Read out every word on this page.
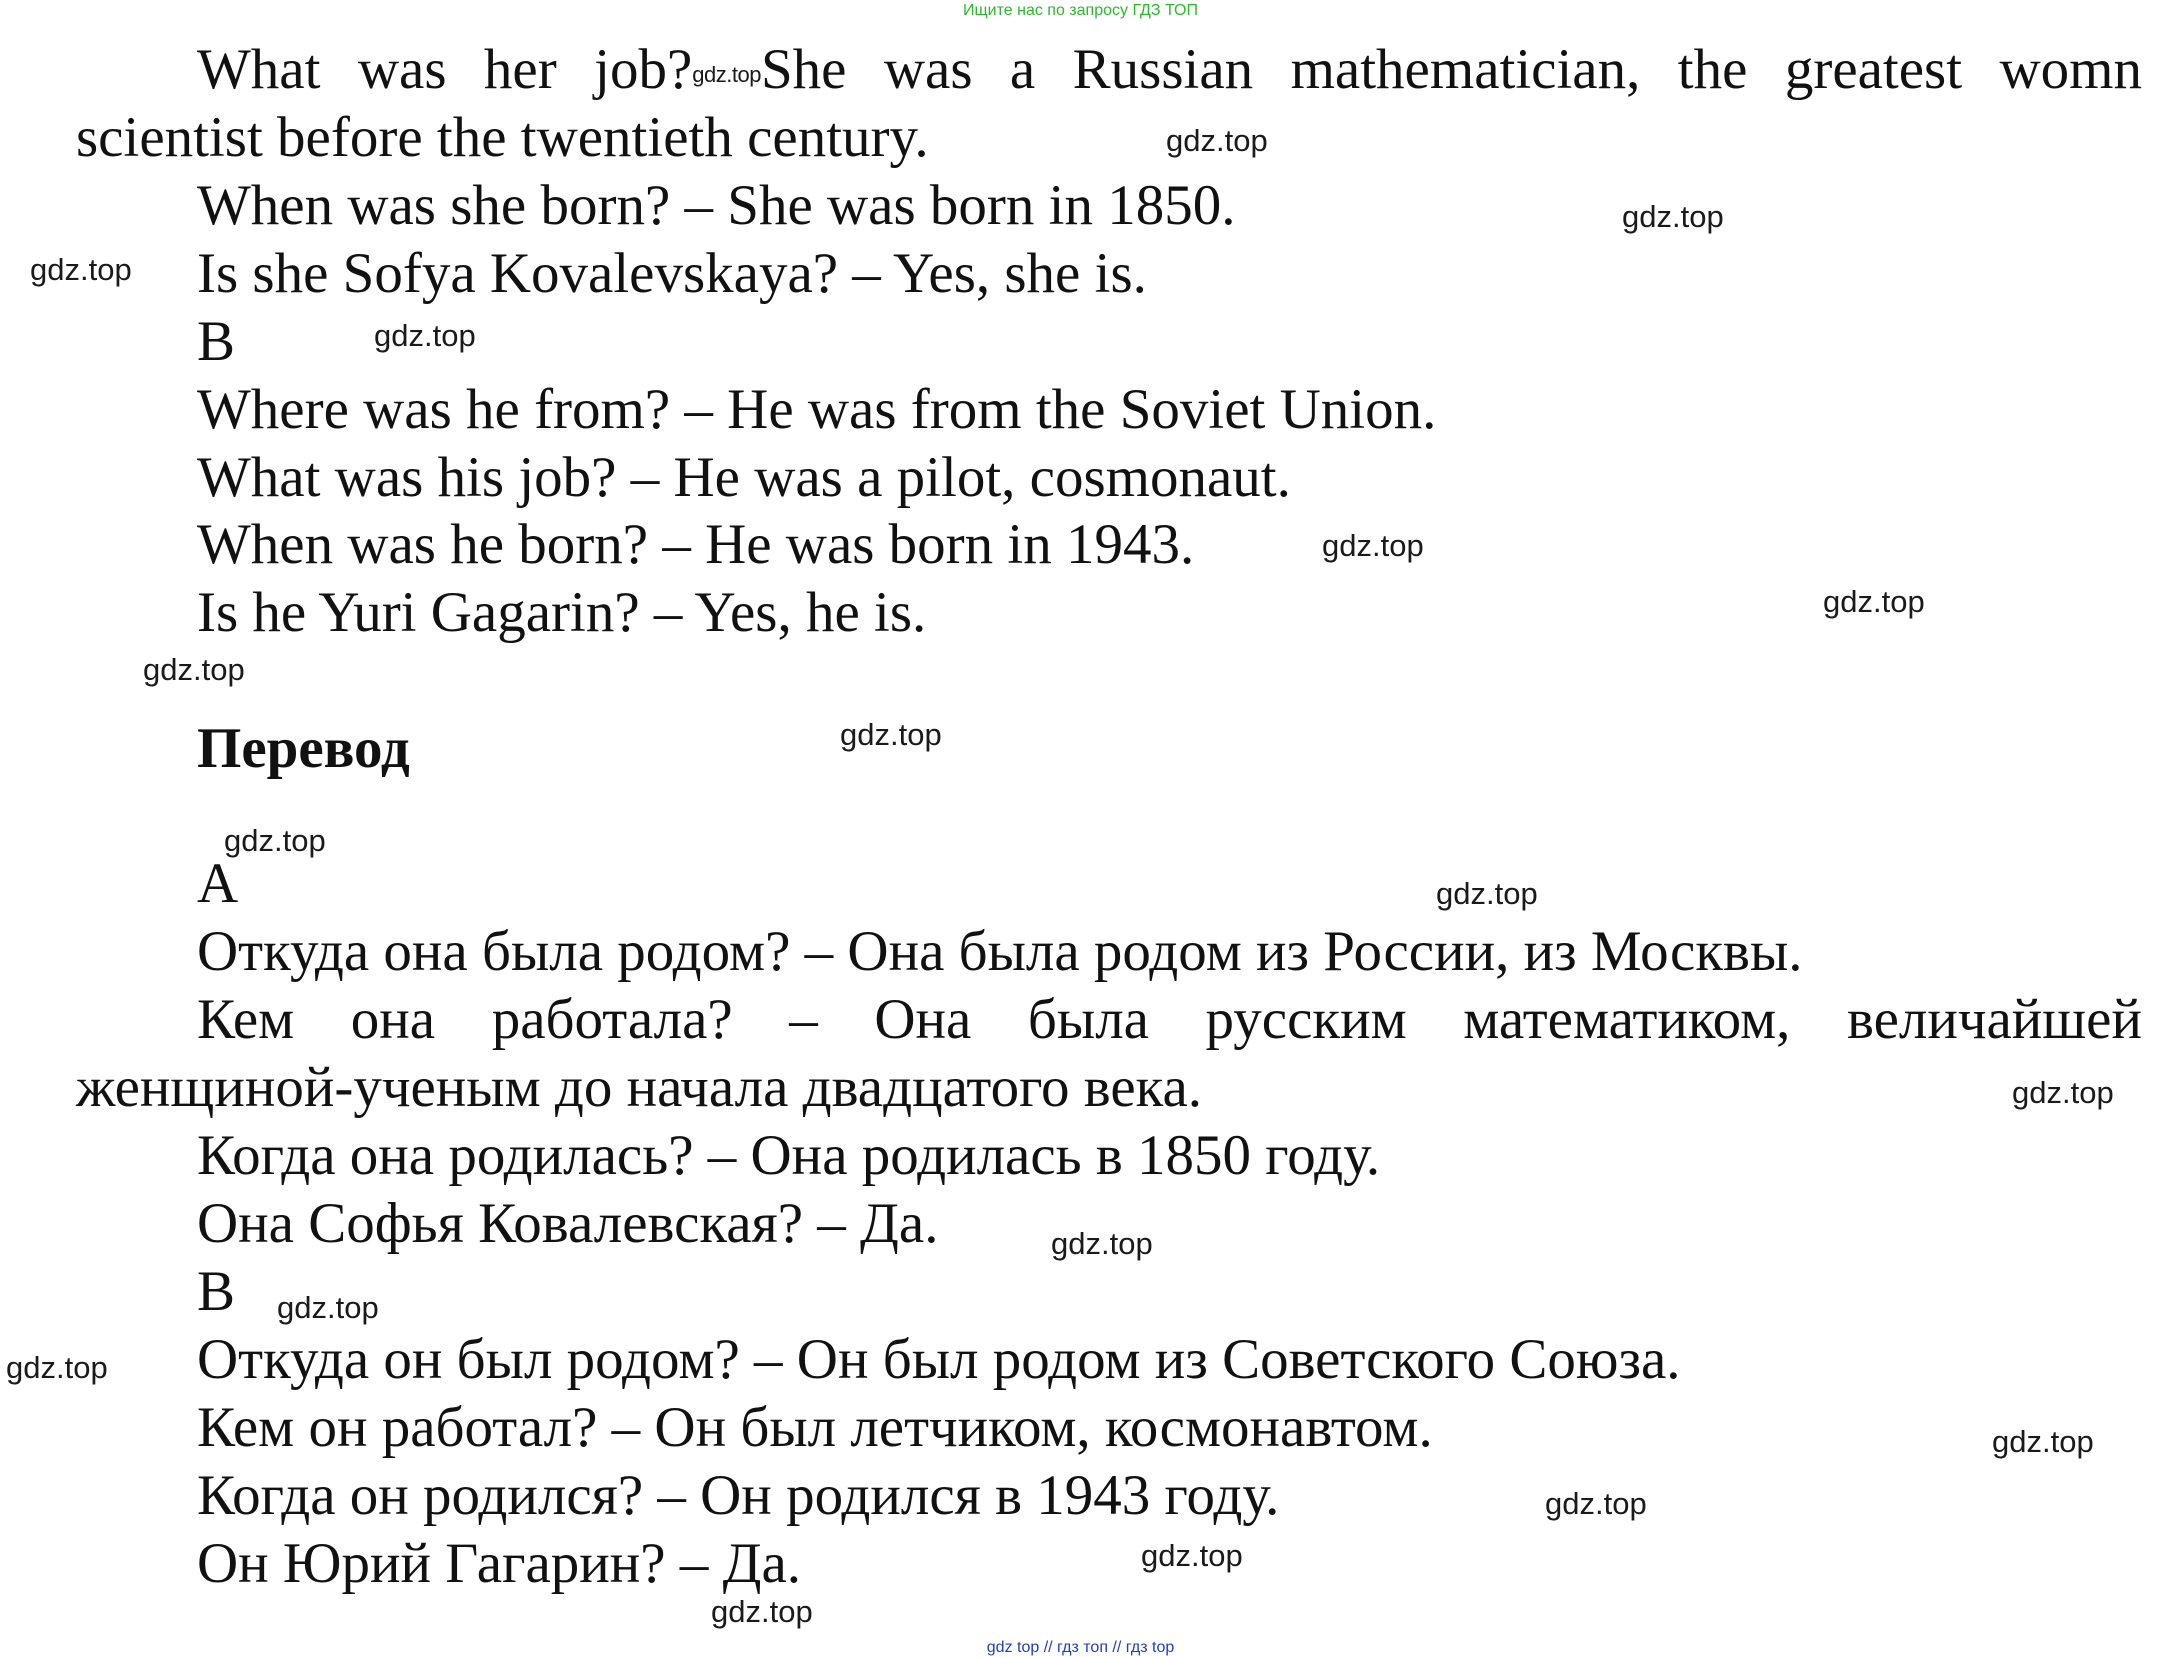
Ищите нас по запросу ГДЗ ТОП
What was her job?gdz.topShe was a Russian mathematician, the greatest womn
scientist before the twentieth century.
When was she born? – She was born in 1850.
Is she Sofya Kovalevskaya? – Yes, she is.
B
Where was he from? – He was from the Soviet Union.
What was his job? – He was a pilot, cosmonaut.
When was he born? – He was born in 1943.
Is he Yuri Gagarin? – Yes, he is.
Перевод
A
Откуда она была родом? – Она была родом из России, из Москвы.
Кем она работала? – Она была русским математиком, величайшей
женщиной-ученым до начала двадцатого века.
Когда она родилась? – Она родилась в 1850 году.
Она Софья Ковалевская? – Да.
B
Откуда он был родом? – Он был родом из Советского Союза.
Кем он работал? – Он был летчиком, космонавтом.
Когда он родился? – Он родился в 1943 году.
Он Юрий Гагарин? – Да.
gdz.top
gdz.top
gdz.top
gdz.top
gdz.top
gdz.top
gdz.top
gdz.top
gdz.top
gdz.top
gdz.top
gdz.top
gdz.top
gdz.top
gdz.top
gdz.top
gdz.top
gdz.top
gdz top // гдз топ // гдз top
